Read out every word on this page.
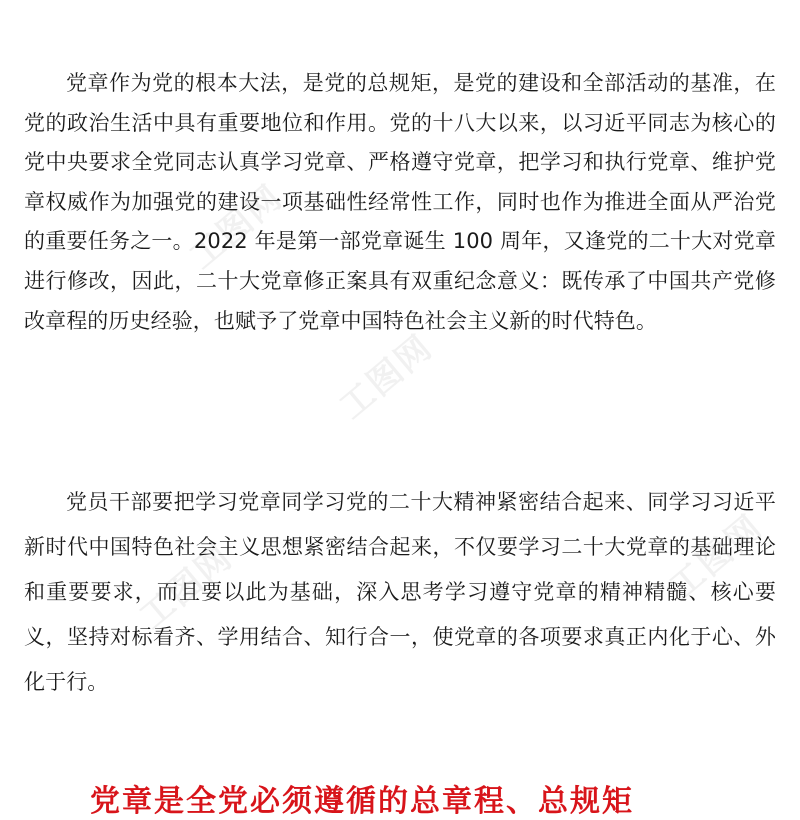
工图网
工图网
工图网	工图网

党章作为党的根本大法，是党的总规矩，是党的建设和全部活动的基准，在党的政治生活中具有重要地位和作用。党的十八大以来，以习近平同志为核心的党中央要求全党同志认真学习党章、严格遵守党章，把学习和执行党章、维护党章权威作为加强党的建设一项基础性经常性工作，同时也作为推进全面从严治党的重要任务之一。2022 年是第一部党章诞生 100 周年，又逢党的二十大对党章进行修改，因此，二十大党章修正案具有双重纪念意义：既传承了中国共产党修改章程的历史经验，也赋予了党章中国特色社会主义新的时代特色。

党员干部要把学习党章同学习党的二十大精神紧密结合起来、同学习习近平新时代中国特色社会主义思想紧密结合起来，不仅要学习二十大党章的基础理论和重要要求，而且要以此为基础，深入思考学习遵守党章的精神精髓、核心要义，坚持对标看齐、学用结合、知行合一，使党章的各项要求真正内化于心、外化于行。

党章是全党必须遵循的总章程、总规矩
